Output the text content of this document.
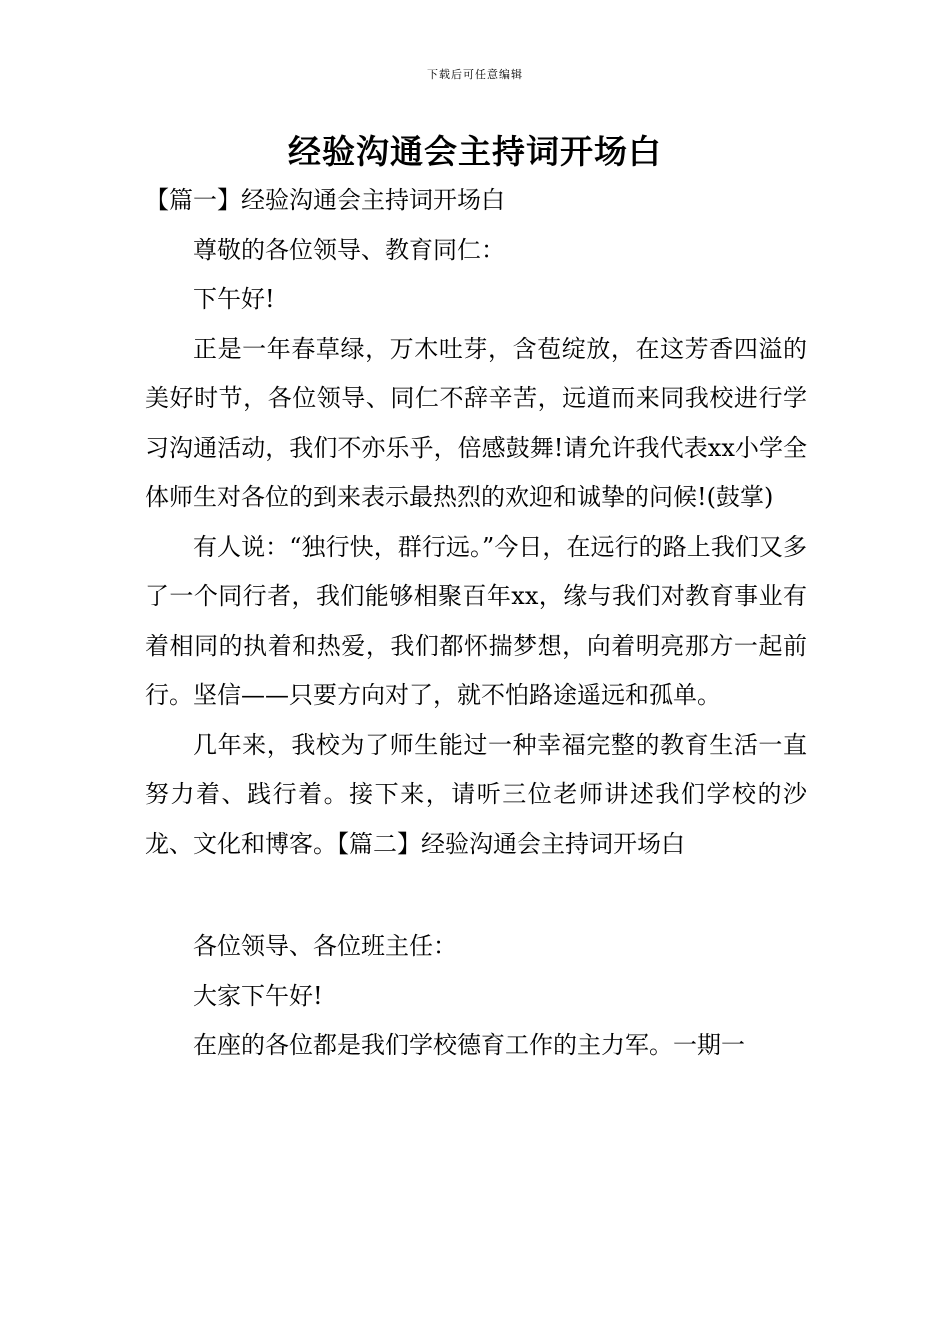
下载后可任意编辑
经验沟通会主持词开场白

【篇一】经验沟通会主持词开场白

尊敬的各位领导、教育同仁：

下午好!

正是一年春草绿，万木吐芽，含苞绽放，在这芳香四溢的美好时节，各位领导、同仁不辞辛苦，远道而来同我校进行学习沟通活动，我们不亦乐乎，倍感鼓舞!请允许我代表xx小学全体师生对各位的到来表示最热烈的欢迎和诚挚的问候!(鼓掌)

有人说：“独行快，群行远。”今日，在远行的路上我们又多了一个同行者，我们能够相聚百年xx，缘与我们对教育事业有着相同的执着和热爱，我们都怀揣梦想，向着明亮那方一起前行。坚信——只要方向对了，就不怕路途遥远和孤单。

几年来，我校为了师生能过一种幸福完整的教育生活一直努力着、践行着。接下来，请听三位老师讲述我们学校的沙龙、文化和博客。【篇二】经验沟通会主持词开场白

各位领导、各位班主任：

大家下午好!

在座的各位都是我们学校德育工作的主力军。一期一
